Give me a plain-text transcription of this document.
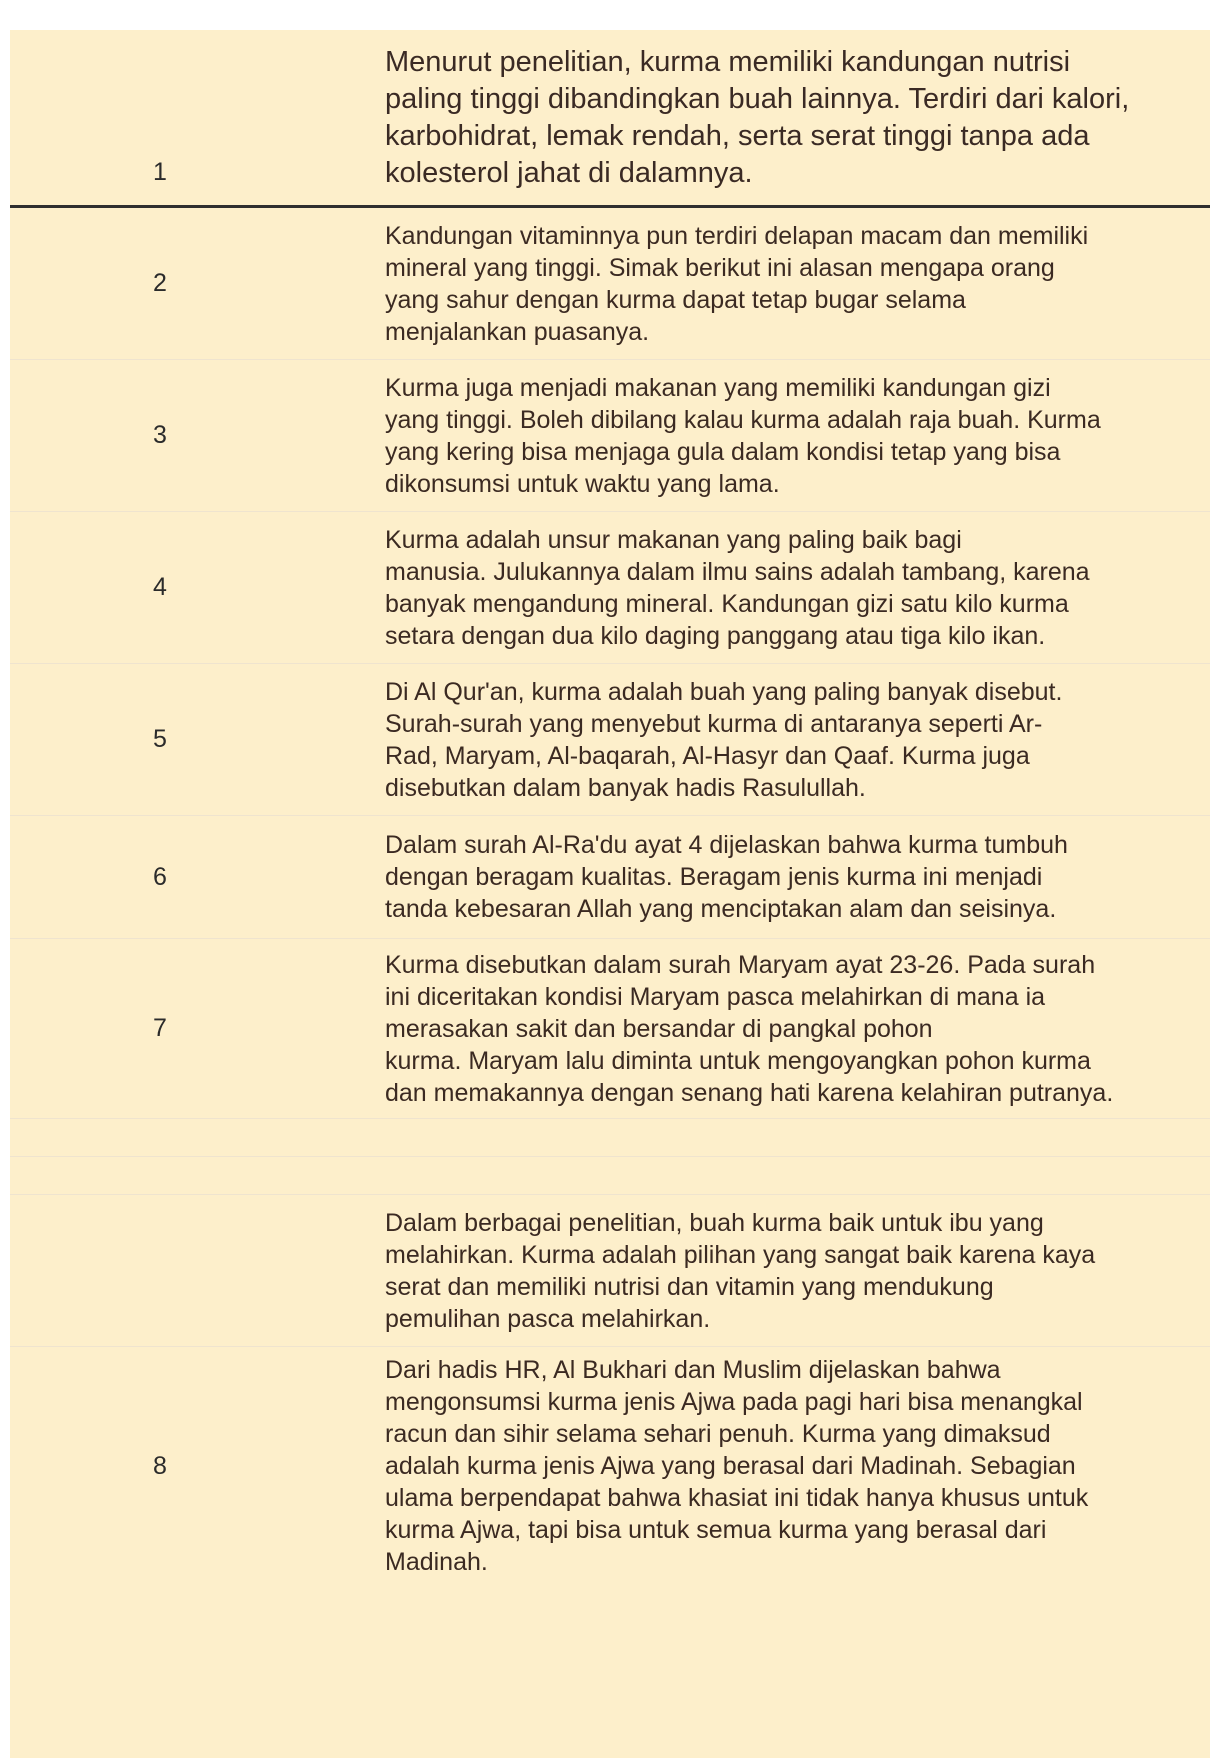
1
Menurut penelitian, kurma memiliki kandungan nutrisi
paling tinggi dibandingkan buah lainnya. Terdiri dari kalori,
karbohidrat, lemak rendah, serta serat tinggi tanpa ada
kolesterol jahat di dalamnya.
2
Kandungan vitaminnya pun terdiri delapan macam dan memiliki
mineral yang tinggi. Simak berikut ini alasan mengapa orang
yang sahur dengan kurma dapat tetap bugar selama
menjalankan puasanya.
3
Kurma juga menjadi makanan yang memiliki kandungan gizi
yang tinggi. Boleh dibilang kalau kurma adalah raja buah. Kurma
yang kering bisa menjaga gula dalam kondisi tetap yang bisa
dikonsumsi untuk waktu yang lama.
4
Kurma adalah unsur makanan yang paling baik bagi
manusia. Julukannya dalam ilmu sains adalah tambang, karena
banyak mengandung mineral. Kandungan gizi satu kilo kurma
setara dengan dua kilo daging panggang atau tiga kilo ikan.
5
Di Al Qur'an, kurma adalah buah yang paling banyak disebut.
Surah-surah yang menyebut kurma di antaranya seperti Ar-
Rad, Maryam, Al-baqarah, Al-Hasyr dan Qaaf. Kurma juga
disebutkan dalam banyak hadis Rasulullah.
6
Dalam surah Al-Ra'du ayat 4 dijelaskan bahwa kurma tumbuh
dengan beragam kualitas. Beragam jenis kurma ini menjadi
tanda kebesaran Allah yang menciptakan alam dan seisinya.
7
Kurma disebutkan dalam surah Maryam ayat 23-26. Pada surah
ini diceritakan kondisi Maryam pasca melahirkan di mana ia
merasakan sakit dan bersandar di pangkal pohon
kurma. Maryam lalu diminta untuk mengoyangkan pohon kurma
dan memakannya dengan senang hati karena kelahiran putranya.
Dalam berbagai penelitian, buah kurma baik untuk ibu yang
melahirkan. Kurma adalah pilihan yang sangat baik karena kaya
serat dan memiliki nutrisi dan vitamin yang mendukung
pemulihan pasca melahirkan.
8
Dari hadis HR, Al Bukhari dan Muslim dijelaskan bahwa
mengonsumsi kurma jenis Ajwa pada pagi hari bisa menangkal
racun dan sihir selama sehari penuh. Kurma yang dimaksud
adalah kurma jenis Ajwa yang berasal dari Madinah. Sebagian
ulama berpendapat bahwa khasiat ini tidak hanya khusus untuk
kurma Ajwa, tapi bisa untuk semua kurma yang berasal dari
Madinah.
